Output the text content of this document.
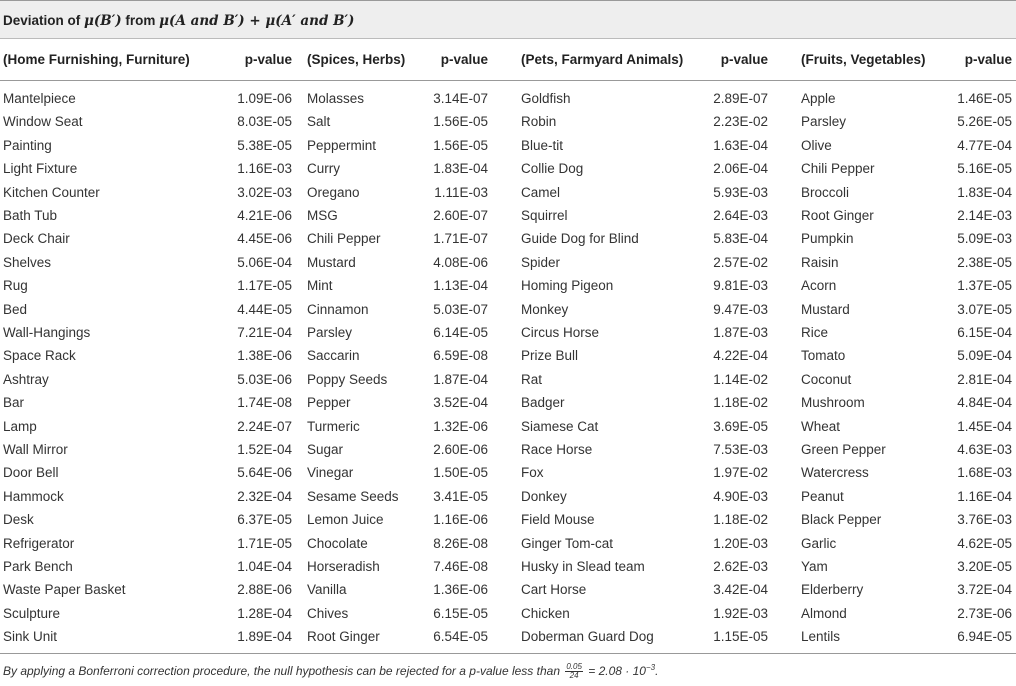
Deviation of μ(B′) from μ(A and B′) + μ(A′ and B′)
(Home Furnishing, Furniture)	p-value (Spices, Herbs)	p-value (Pets, Farmyard Animals)	p-value (Fruits, Vegetables)	p-value
Mantelpiece	1.09E-06 Molasses	3.14E-07 Goldfish	2.89E-07 Apple	1.46E-05
Window Seat	8.03E-05 Salt	1.56E-05 Robin	2.23E-02 Parsley	5.26E-05
Painting	5.38E-05 Peppermint	1.56E-05 Blue-tit	1.63E-04 Olive	4.77E-04
Light Fixture	1.16E-03 Curry	1.83E-04 Collie Dog	2.06E-04 Chili Pepper	5.16E-05
Kitchen Counter	3.02E-03 Oregano	1.11E-03 Camel	5.93E-03 Broccoli	1.83E-04
Bath Tub	4.21E-06 MSG	2.60E-07 Squirrel	2.64E-03 Root Ginger	2.14E-03
Deck Chair	4.45E-06 Chili Pepper	1.71E-07 Guide Dog for Blind	5.83E-04 Pumpkin	5.09E-03
Shelves	5.06E-04 Mustard	4.08E-06 Spider	2.57E-02 Raisin	2.38E-05
Rug	1.17E-05 Mint	1.13E-04 Homing Pigeon	9.81E-03 Acorn	1.37E-05
Bed	4.44E-05 Cinnamon	5.03E-07 Monkey	9.47E-03 Mustard	3.07E-05
Wall-Hangings	7.21E-04 Parsley	6.14E-05 Circus Horse	1.87E-03 Rice	6.15E-04
Space Rack	1.38E-06 Saccarin	6.59E-08 Prize Bull	4.22E-04 Tomato	5.09E-04
Ashtray	5.03E-06 Poppy Seeds	1.87E-04 Rat	1.14E-02 Coconut	2.81E-04
Bar	1.74E-08 Pepper	3.52E-04 Badger	1.18E-02 Mushroom	4.84E-04
Lamp	2.24E-07 Turmeric	1.32E-06 Siamese Cat	3.69E-05 Wheat	1.45E-04
Wall Mirror	1.52E-04 Sugar	2.60E-06 Race Horse	7.53E-03 Green Pepper	4.63E-03
Door Bell	5.64E-06 Vinegar	1.50E-05 Fox	1.97E-02 Watercress	1.68E-03
Hammock	2.32E-04 Sesame Seeds	3.41E-05 Donkey	4.90E-03 Peanut	1.16E-04
Desk	6.37E-05 Lemon Juice	1.16E-06 Field Mouse	1.18E-02 Black Pepper	3.76E-03
Refrigerator	1.71E-05 Chocolate	8.26E-08 Ginger Tom-cat	1.20E-03 Garlic	4.62E-05
Park Bench	1.04E-04 Horseradish	7.46E-08 Husky in Slead team	2.62E-03 Yam	3.20E-05
Waste Paper Basket	2.88E-06 Vanilla	1.36E-06 Cart Horse	3.42E-04 Elderberry	3.72E-04
Sculpture	1.28E-04 Chives	6.15E-05 Chicken	1.92E-03 Almond	2.73E-06
Sink Unit	1.89E-04 Root Ginger	6.54E-05 Doberman Guard Dog	1.15E-05 Lentils	6.94E-05
By applying a Bonferroni correction procedure, the null hypothesis can be rejected for a p-value less than $\frac{0.05}{24} = 2.08 \cdot 10^{-3}$.
